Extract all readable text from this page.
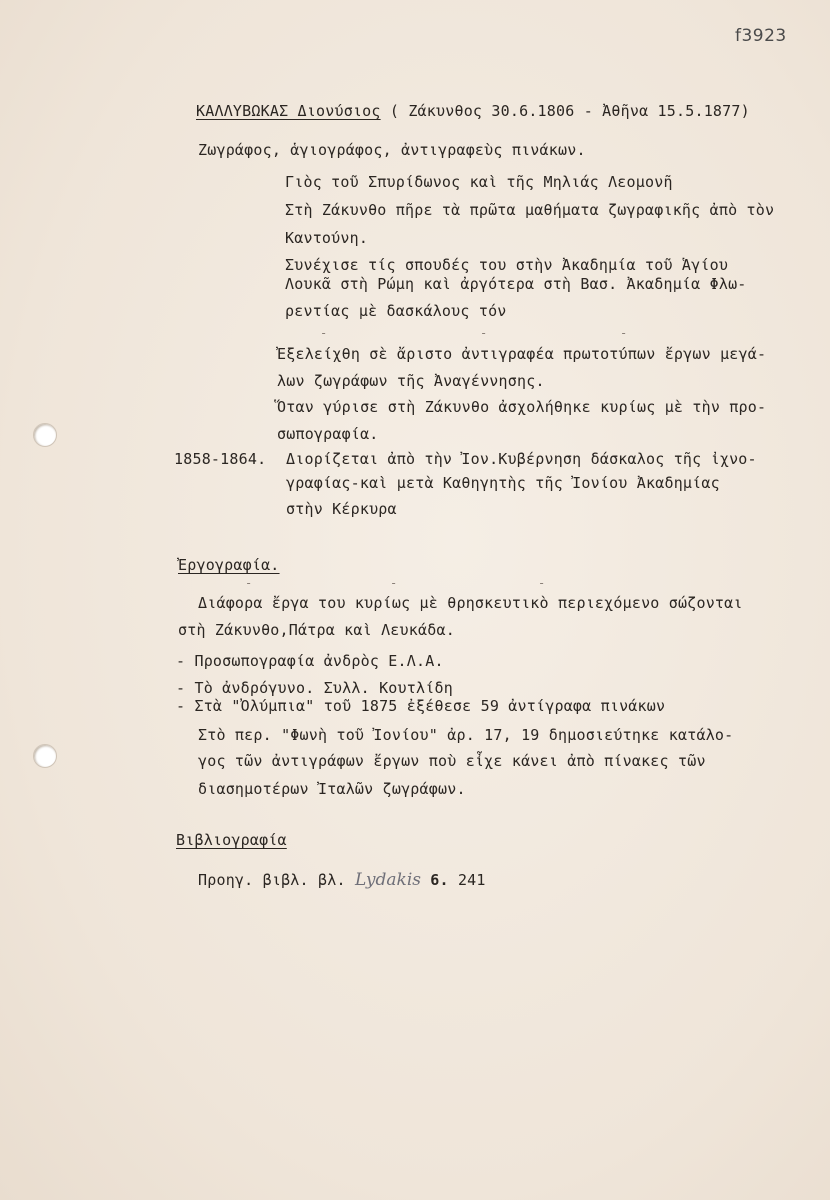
f3923
ΚΑΛΛΥΒΩΚΑΣ Διονύσιος ( Ζάκυνθος 30.6.1806 - Ἀθῆνα 15.5.1877)
Ζωγράφος, ἁγιογράφος, ἀντιγραφεὺς πινάκων.
Γιὸς τοῦ Σπυρίδωνος καὶ τῆς Μηλιάς Λεομονῆ
Στὴ Ζάκυνθο πῆρε τὰ πρῶτα μαθήματα ζωγραφικῆς ἀπὸ τὸν
Καντούνη.
Συνέχισε τίς σπουδές του στὴν Ἀκαδημία τοῦ Ἁγίου
Λουκᾶ στὴ Ρώμη καὶ ἀργότερα στὴ Βασ. Ἀκαδημία Φλω-
ρεντίας μὲ δασκάλους τόν
-	-	-
Ἐξελείχθη σὲ ἄριστο ἀντιγραφέα πρωτοτύπων ἔργων μεγά-
λων ζωγράφων τῆς Ἀναγέννησης.
Ὅταν γύρισε στὴ Ζάκυνθο ἀσχολήθηκε κυρίως μὲ τὴν προ-
σωπογραφία.
1858-1864. Διορίζεται ἀπὸ τὴν Ἰον.Κυβέρνηση δάσκαλος τῆς ἰχνο-
γραφίας-καὶ μετὰ Καθηγητὴς τῆς Ἰονίου Ἀκαδημίας
στὴν Κέρκυρα
Ἐργογραφία.
-	-	-
Διάφορα ἔργα του κυρίως μὲ θρησκευτικὸ περιεχόμενο σώζονται
στὴ Ζάκυνθο,Πάτρα καὶ Λευκάδα.
- Προσωπογραφία ἀνδρὸς Ε.Λ.Α.
- Τὸ ἀνδρόγυνο. Συλλ. Κουτλίδη
- Στὰ "Ὀλύμπια" τοῦ 1875 ἐξέθεσε 59 ἀντίγραφα πινάκων
Στὸ περ. "Φωνὴ τοῦ Ἰονίου" ἀρ. 17, 19 δημοσιεύτηκε κατάλο-
γος τῶν ἀντιγράφων ἔργων ποὺ εἶχε κάνει ἀπὸ πίνακες τῶν
διασημοτέρων Ἰταλῶν ζωγράφων.
Βιβλιογραφία
Προηγ. βιβλ. βλ. Lydakis 6. 241
